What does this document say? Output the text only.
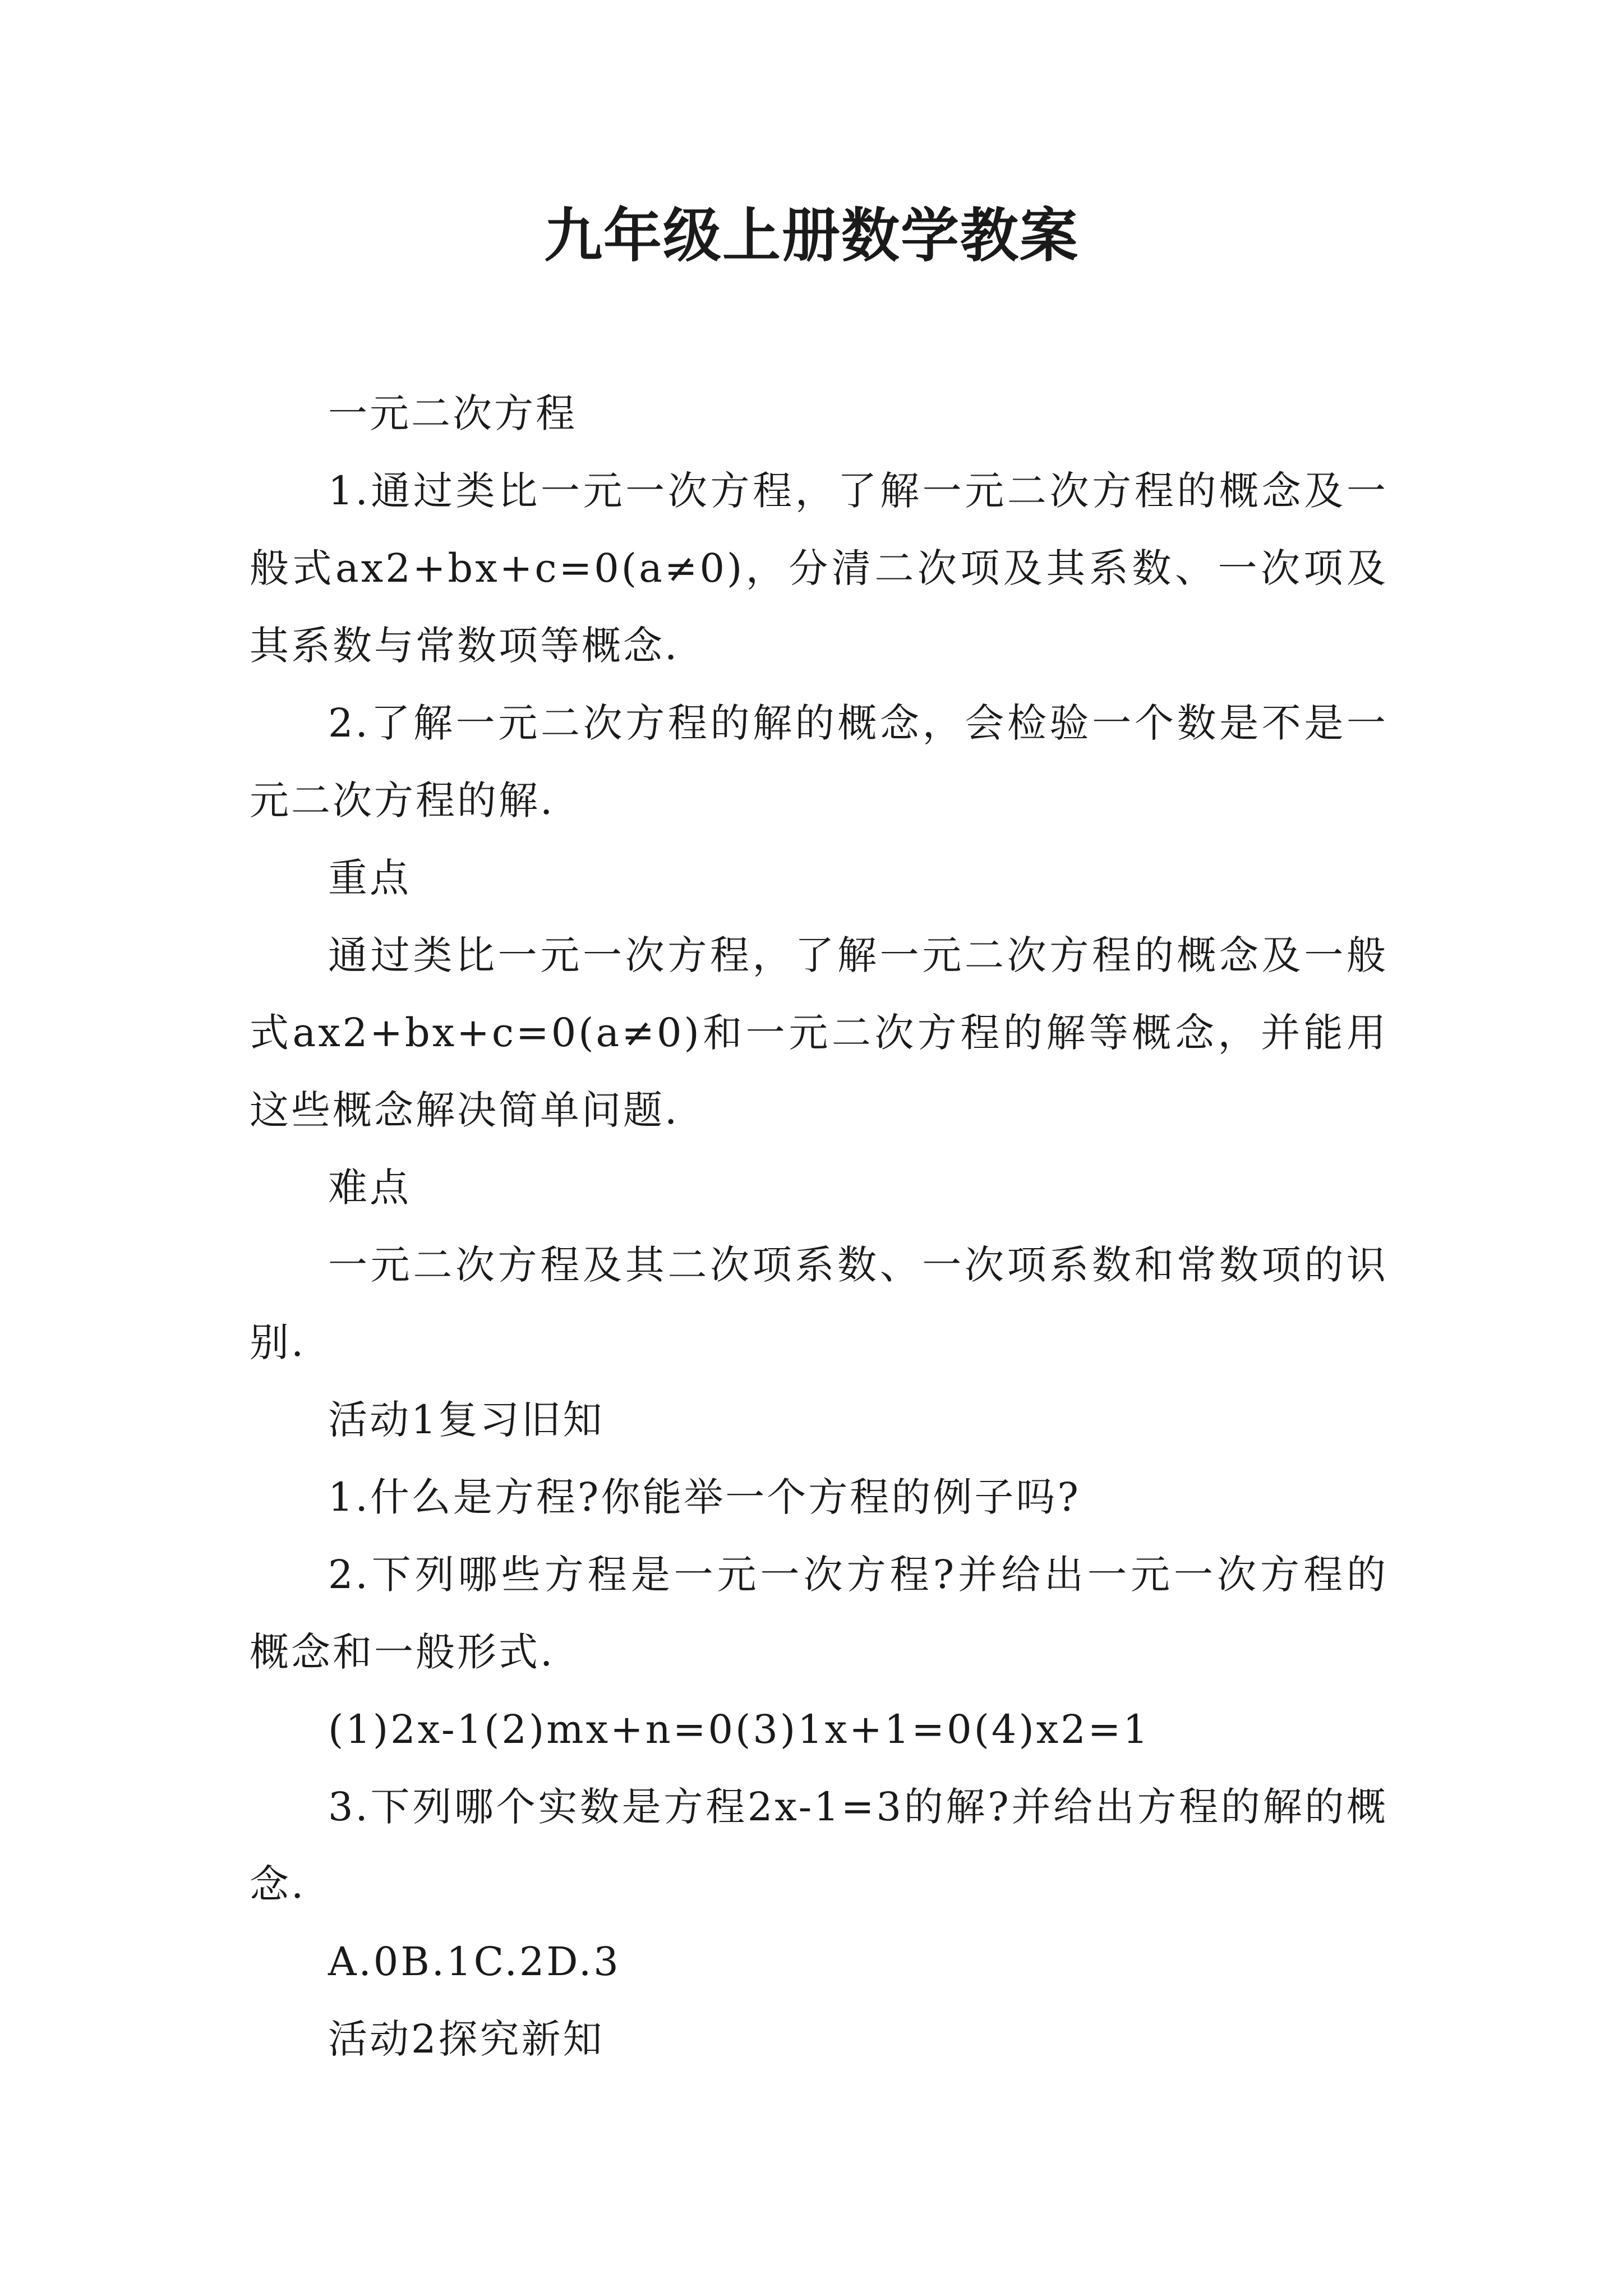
九年级上册数学教案

一元二次方程

1.通过类比一元一次方程，了解一元二次方程的概念及一般式ax2+bx+c=0(a≠0)，分清二次项及其系数、一次项及其系数与常数项等概念.

2.了解一元二次方程的解的概念，会检验一个数是不是一元二次方程的解.

重点

通过类比一元一次方程，了解一元二次方程的概念及一般式ax2+bx+c=0(a≠0)和一元二次方程的解等概念，并能用这些概念解决简单问题.

难点

一元二次方程及其二次项系数、一次项系数和常数项的识别.

活动1复习旧知

1.什么是方程?你能举一个方程的例子吗?

2.下列哪些方程是一元一次方程?并给出一元一次方程的概念和一般形式.

(1)2x-1(2)mx+n=0(3)1x+1=0(4)x2=1

3.下列哪个实数是方程2x-1=3的解?并给出方程的解的概念.

A.0B.1C.2D.3

活动2探究新知
